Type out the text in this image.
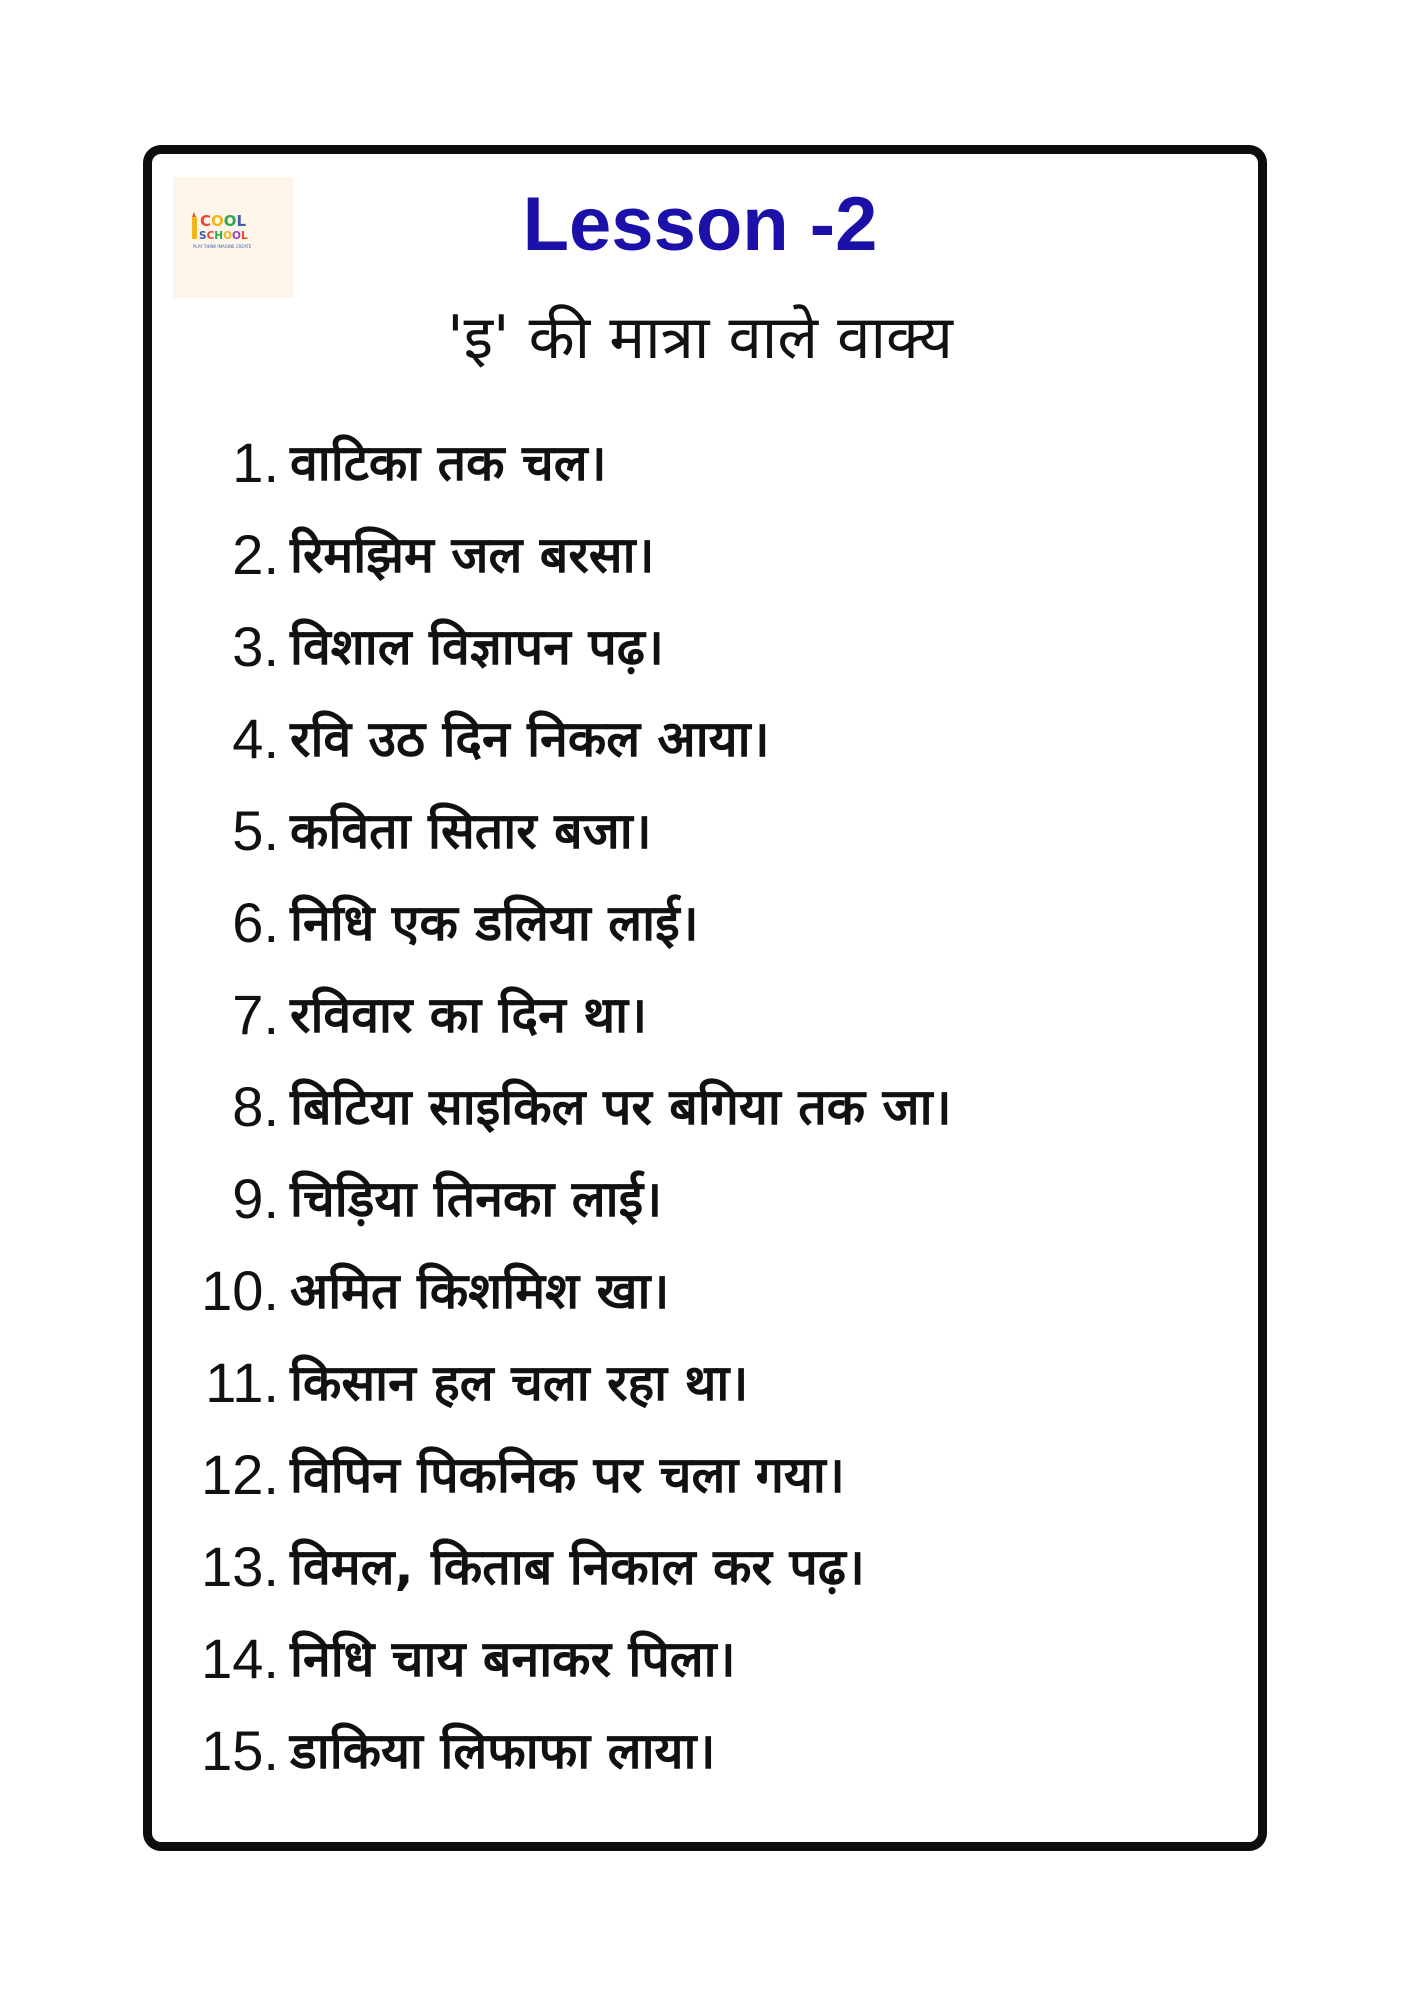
COOL
SCHOOL
PLAY THINK IMAGINE CREATE	Lesson -2
'इ' की मात्रा वाले वाक्य
1. वाटिका तक चल।
2. रिमझिम जल बरसा।
3. विशाल विज्ञापन पढ़।
4. रवि उठ दिन निकल आया।
5. कविता सितार बजा।
6. निधि एक डलिया लाई।
7. रविवार का दिन था।
8. बिटिया साइकिल पर बगिया तक जा।
9. चिड़िया तिनका लाई।
10. अमित किशमिश खा।
11. किसान हल चला रहा था।
12. विपिन पिकनिक पर चला गया।
13. विमल, किताब निकाल कर पढ़।
14. निधि चाय बनाकर पिला।
15. डाकिया लिफाफा लाया।
